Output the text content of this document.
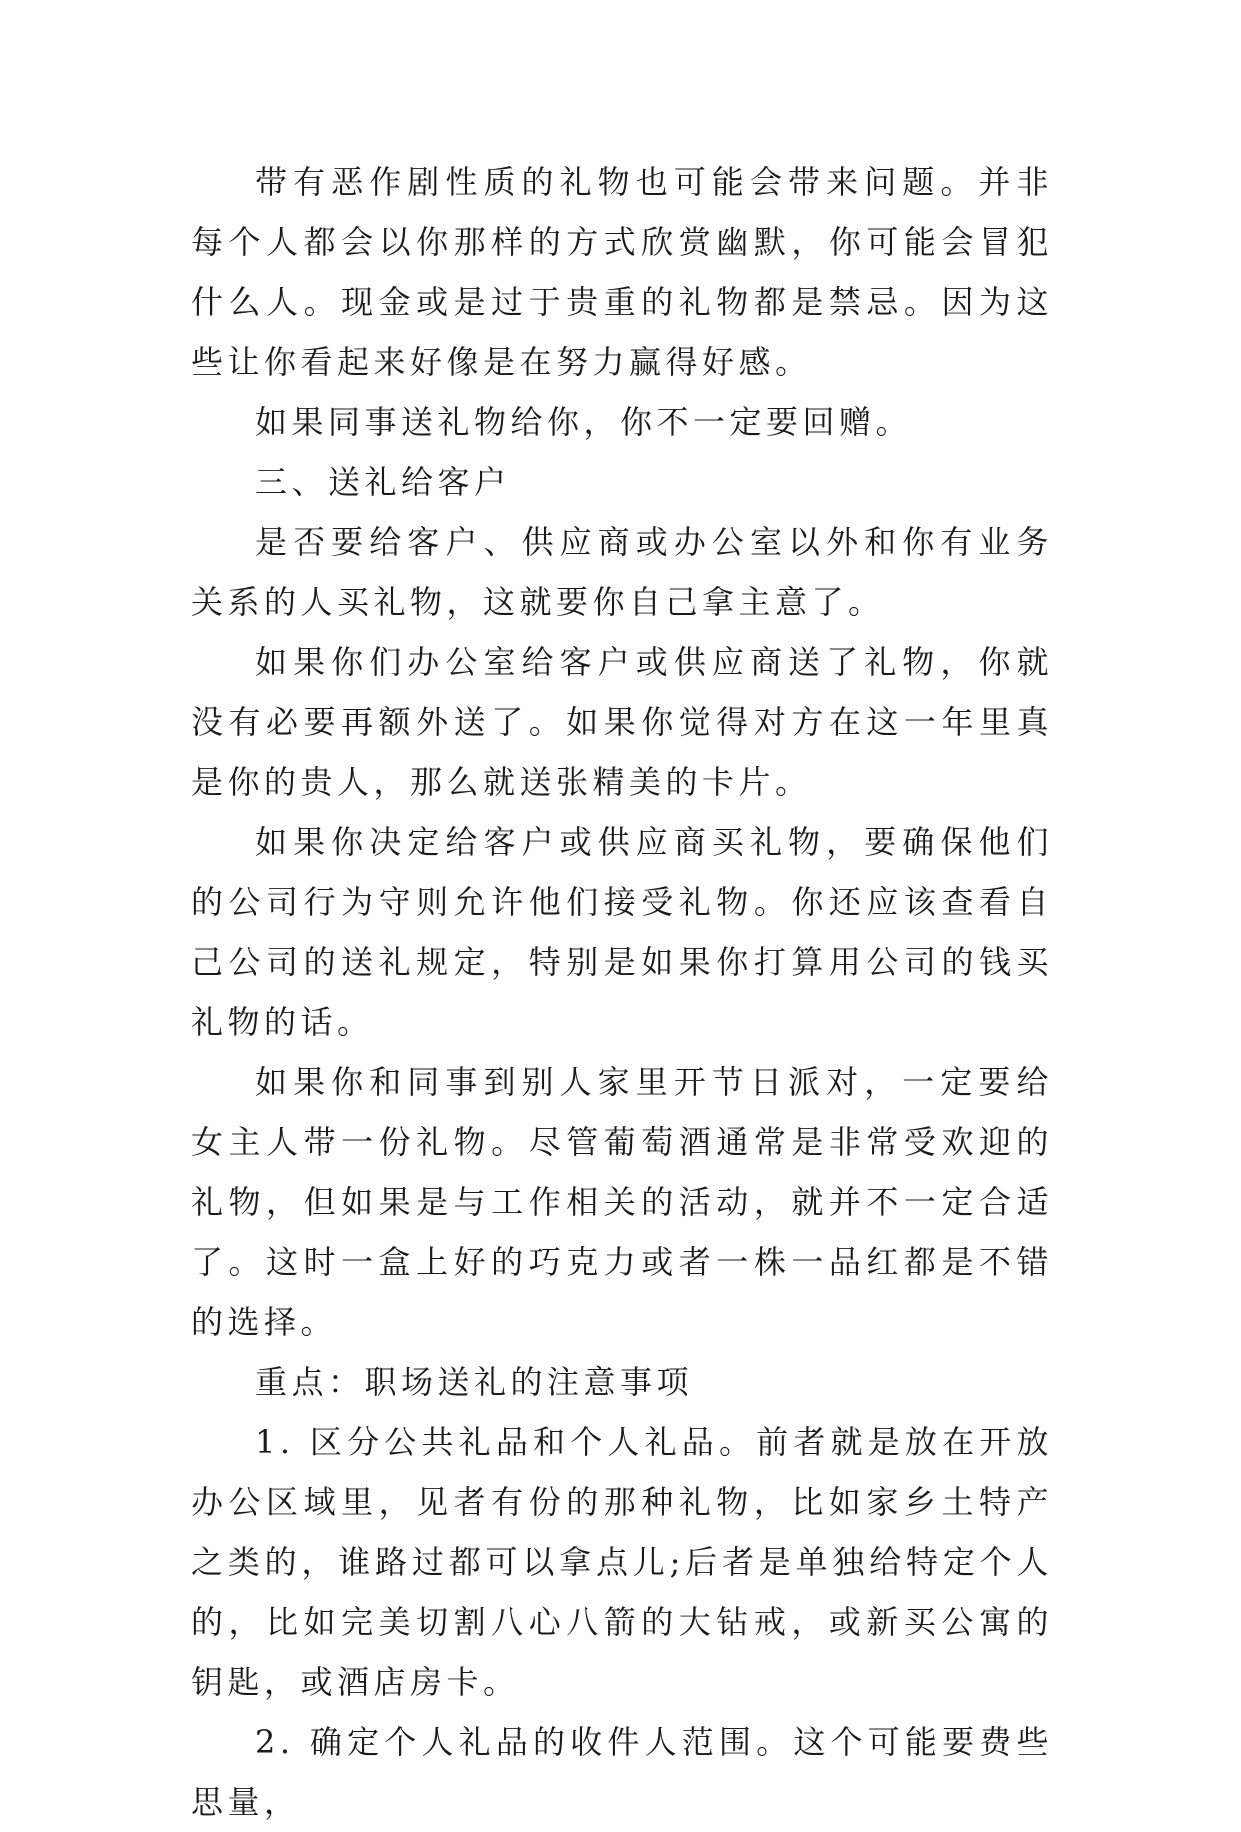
带有恶作剧性质的礼物也可能会带来问题。并非每个人都会以你那样的方式欣赏幽默，你可能会冒犯什么人。现金或是过于贵重的礼物都是禁忌。因为这些让你看起来好像是在努力赢得好感。

如果同事送礼物给你，你不一定要回赠。

三、送礼给客户

是否要给客户、供应商或办公室以外和你有业务关系的人买礼物，这就要你自己拿主意了。

如果你们办公室给客户或供应商送了礼物，你就没有必要再额外送了。如果你觉得对方在这一年里真是你的贵人，那么就送张精美的卡片。

如果你决定给客户或供应商买礼物，要确保他们的公司行为守则允许他们接受礼物。你还应该查看自己公司的送礼规定，特别是如果你打算用公司的钱买礼物的话。

如果你和同事到别人家里开节日派对，一定要给女主人带一份礼物。尽管葡萄酒通常是非常受欢迎的礼物，但如果是与工作相关的活动，就并不一定合适了。这时一盒上好的巧克力或者一株一品红都是不错的选择。

重点：职场送礼的注意事项

1. 区分公共礼品和个人礼品。前者就是放在开放办公区域里，见者有份的那种礼物，比如家乡土特产之类的，谁路过都可以拿点儿;后者是单独给特定个人的，比如完美切割八心八箭的大钻戒，或新买公寓的钥匙，或酒店房卡。

2. 确定个人礼品的收件人范围。这个可能要费些思量，
